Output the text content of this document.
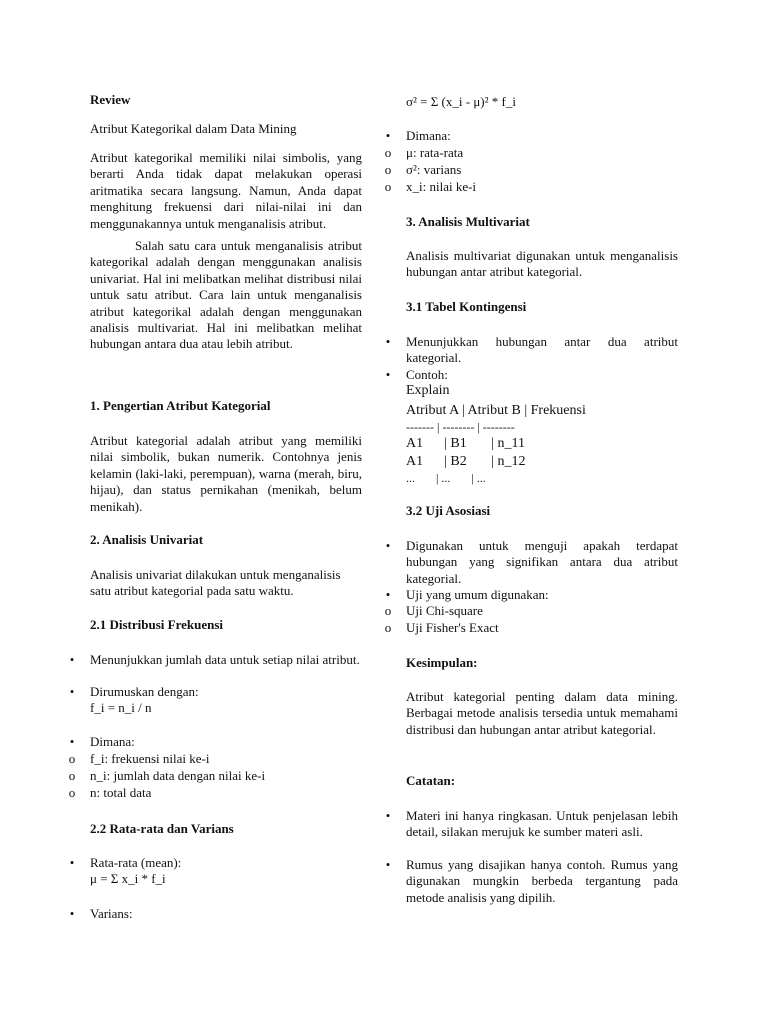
Review

Atribut Kategorikal dalam Data Mining

Atribut kategorikal memiliki nilai simbolis, yang berarti Anda tidak dapat melakukan operasi aritmatika secara langsung. Namun, Anda dapat menghitung frekuensi dari nilai-nilai ini dan menggunakannya untuk menganalisis atribut.

Salah satu cara untuk menganalisis atribut kategorikal adalah dengan menggunakan analisis univariat. Hal ini melibatkan melihat distribusi nilai untuk satu atribut. Cara lain untuk menganalisis atribut kategorikal adalah dengan menggunakan analisis multivariat. Hal ini melibatkan melihat hubungan antara dua atau lebih atribut.

1. Pengertian Atribut Kategorial

Atribut kategorial adalah atribut yang memiliki nilai simbolik, bukan numerik. Contohnya jenis kelamin (laki-laki, perempuan), warna (merah, biru, hijau), dan status pernikahan (menikah, belum menikah).

2. Analisis Univariat

Analisis univariat dilakukan untuk menganalisis satu atribut kategorial pada satu waktu.

2.1 Distribusi Frekuensi

• Menunjukkan jumlah data untuk setiap nilai atribut.
• Dirumuskan dengan:
f_i = n_i / n
• Dimana:
o f_i: frekuensi nilai ke-i
o n_i: jumlah data dengan nilai ke-i
o n: total data

2.2 Rata-rata dan Varians

• Rata-rata (mean):
μ = Σ x_i * f_i
• Varians:

σ² = Σ (x_i - μ)² * f_i

• Dimana:
o μ: rata-rata
o σ²: varians
o x_i: nilai ke-i

3. Analisis Multivariat

Analisis multivariat digunakan untuk menganalisis hubungan antar atribut kategorial.

3.1 Tabel Kontingensi

• Menunjukkan hubungan antar dua atribut kategorial.
• Contoh:

Explain

Atribut A | Atribut B | Frekuensi

------- | -------- | --------

A1      | B1       | n_11

A1      | B2       | n_12

...       | ...       | ...

3.2 Uji Asosiasi

• Digunakan untuk menguji apakah terdapat hubungan yang signifikan antara dua atribut kategorial.
• Uji yang umum digunakan:
o Uji Chi-square
o Uji Fisher's Exact

Kesimpulan:

Atribut kategorial penting dalam data mining. Berbagai metode analisis tersedia untuk memahami distribusi dan hubungan antar atribut kategorial.

Catatan:

• Materi ini hanya ringkasan. Untuk penjelasan lebih detail, silakan merujuk ke sumber materi asli.
• Rumus yang disajikan hanya contoh. Rumus yang digunakan mungkin berbeda tergantung pada metode analisis yang dipilih.
